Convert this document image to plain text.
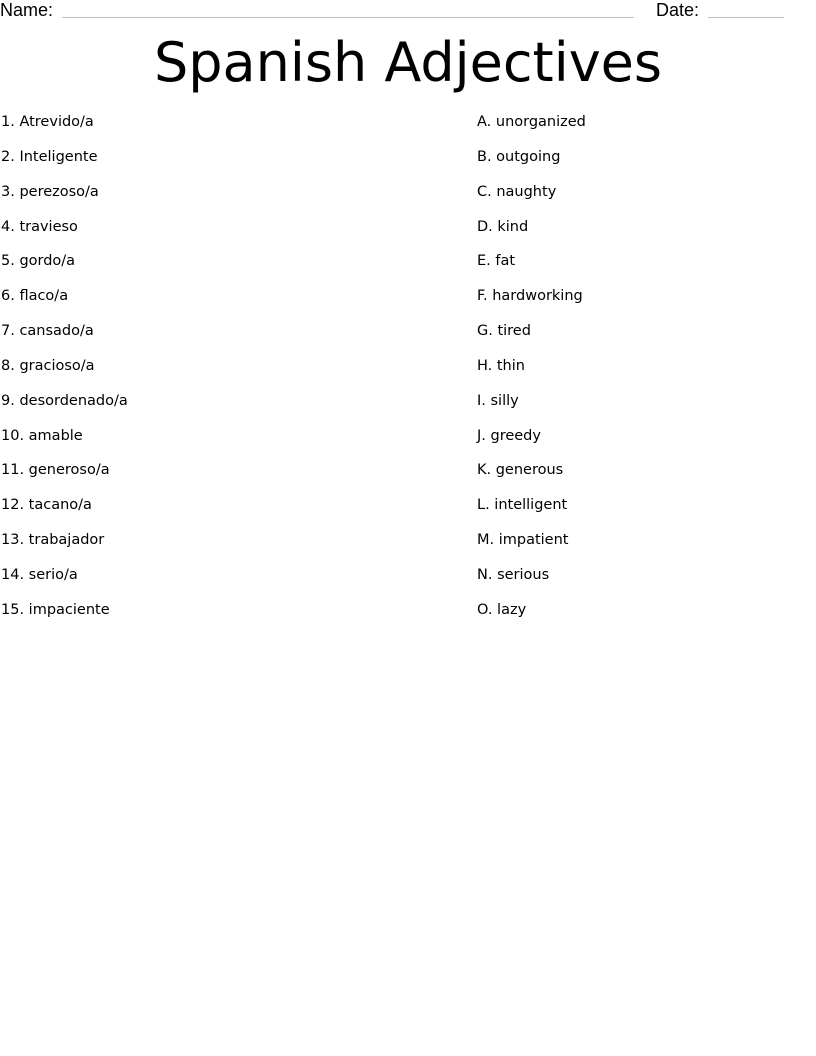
Name:	Date:
Spanish Adjectives
1. Atrevido/a
2. Inteligente
3. perezoso/a
4. travieso
5. gordo/a
6. flaco/a
7. cansado/a
8. gracioso/a
9. desordenado/a
10. amable
11. generoso/a
12. tacano/a
13. trabajador
14. serio/a
15. impaciente
A. unorganized
B. outgoing
C. naughty
D. kind
E. fat
F. hardworking
G. tired
H. thin
I. silly
J. greedy
K. generous
L. intelligent
M. impatient
N. serious
O. lazy
